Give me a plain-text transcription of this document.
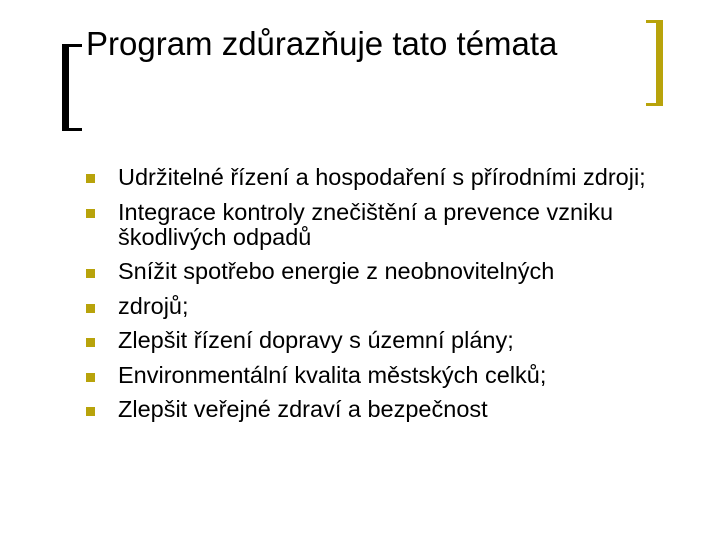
Program zdůrazňuje tato témata
Udržitelné řízení a hospodaření s přírodními zdroji;
Integrace kontroly znečištění a prevence vzniku škodlivých odpadů
Snížit spotřebo energie z neobnovitelných
zdrojů;
Zlepšit řízení dopravy s územní plány;
Environmentální kvalita městských celků;
Zlepšit veřejné zdraví a bezpečnost
